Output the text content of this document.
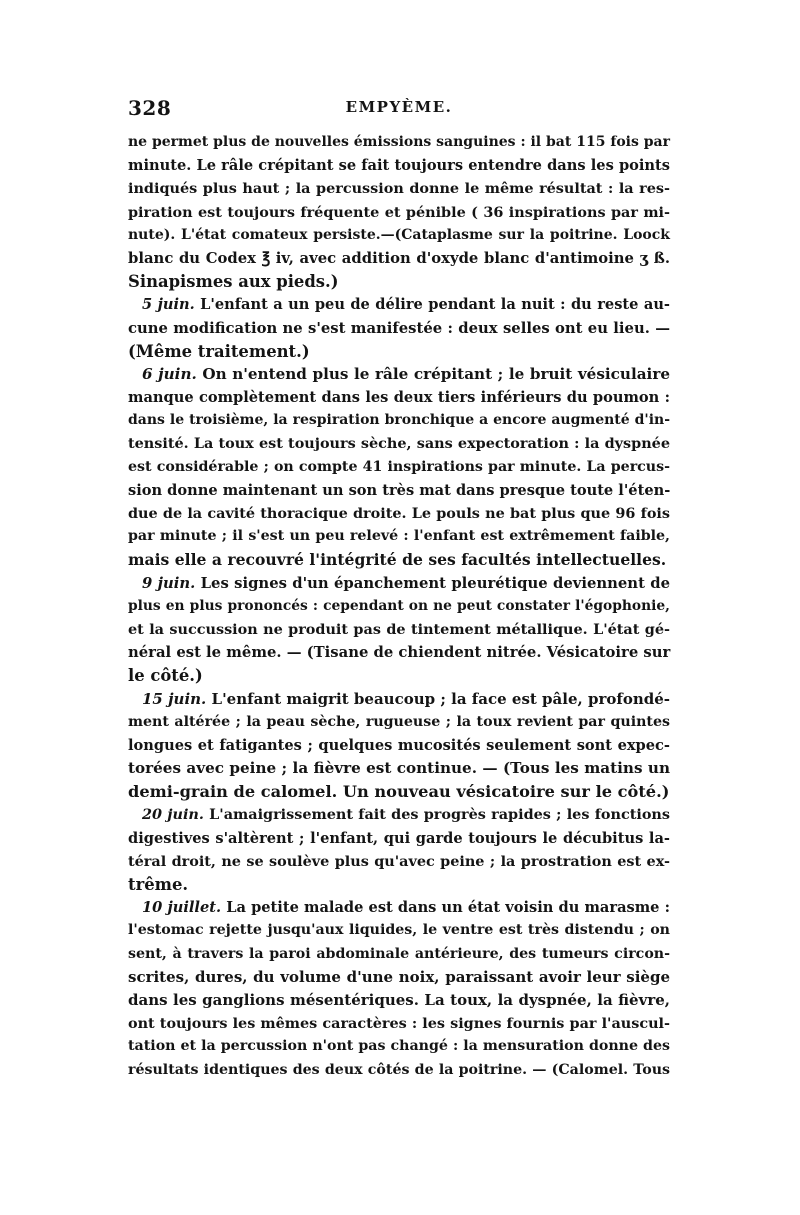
328	EMPYÈME.
ne permet plus de nouvelles émissions sanguines : il bat 115 fois par
minute. Le râle crépitant se fait toujours entendre dans les points
indiqués plus haut ; la percussion donne le même résultat : la res-
piration est toujours fréquente et pénible ( 36 inspirations par mi-
nute). L'état comateux persiste.—(Cataplasme sur la poitrine. Loock
blanc du Codex ℥ iv, avec addition d'oxyde blanc d'antimoine ʒ ß.
Sinapismes aux pieds.)
5 juin. L'enfant a un peu de délire pendant la nuit : du reste au-
cune modification ne s'est manifestée : deux selles ont eu lieu. —
(Même traitement.)
6 juin. On n'entend plus le râle crépitant ; le bruit vésiculaire
manque complètement dans les deux tiers inférieurs du poumon :
dans le troisième, la respiration bronchique a encore augmenté d'in-
tensité. La toux est toujours sèche, sans expectoration : la dyspnée
est considérable ; on compte 41 inspirations par minute. La percus-
sion donne maintenant un son très mat dans presque toute l'éten-
due de la cavité thoracique droite. Le pouls ne bat plus que 96 fois
par minute ; il s'est un peu relevé : l'enfant est extrêmement faible,
mais elle a recouvré l'intégrité de ses facultés intellectuelles.
9 juin. Les signes d'un épanchement pleurétique deviennent de
plus en plus prononcés : cependant on ne peut constater l'égophonie,
et la succussion ne produit pas de tintement métallique. L'état gé-
néral est le même. — (Tisane de chiendent nitrée. Vésicatoire sur
le côté.)
15 juin. L'enfant maigrit beaucoup ; la face est pâle, profondé-
ment altérée ; la peau sèche, rugueuse ; la toux revient par quintes
longues et fatigantes ; quelques mucosités seulement sont expec-
torées avec peine ; la fièvre est continue. — (Tous les matins un
demi-grain de calomel. Un nouveau vésicatoire sur le côté.)
20 juin. L'amaigrissement fait des progrès rapides ; les fonctions
digestives s'altèrent ; l'enfant, qui garde toujours le décubitus la-
téral droit, ne se soulève plus qu'avec peine ; la prostration est ex-
trême.
10 juillet. La petite malade est dans un état voisin du marasme :
l'estomac rejette jusqu'aux liquides, le ventre est très distendu ; on
sent, à travers la paroi abdominale antérieure, des tumeurs circon-
scrites, dures, du volume d'une noix, paraissant avoir leur siège
dans les ganglions mésentériques. La toux, la dyspnée, la fièvre,
ont toujours les mêmes caractères : les signes fournis par l'auscul-
tation et la percussion n'ont pas changé : la mensuration donne des
résultats identiques des deux côtés de la poitrine. — (Calomel. Tous
